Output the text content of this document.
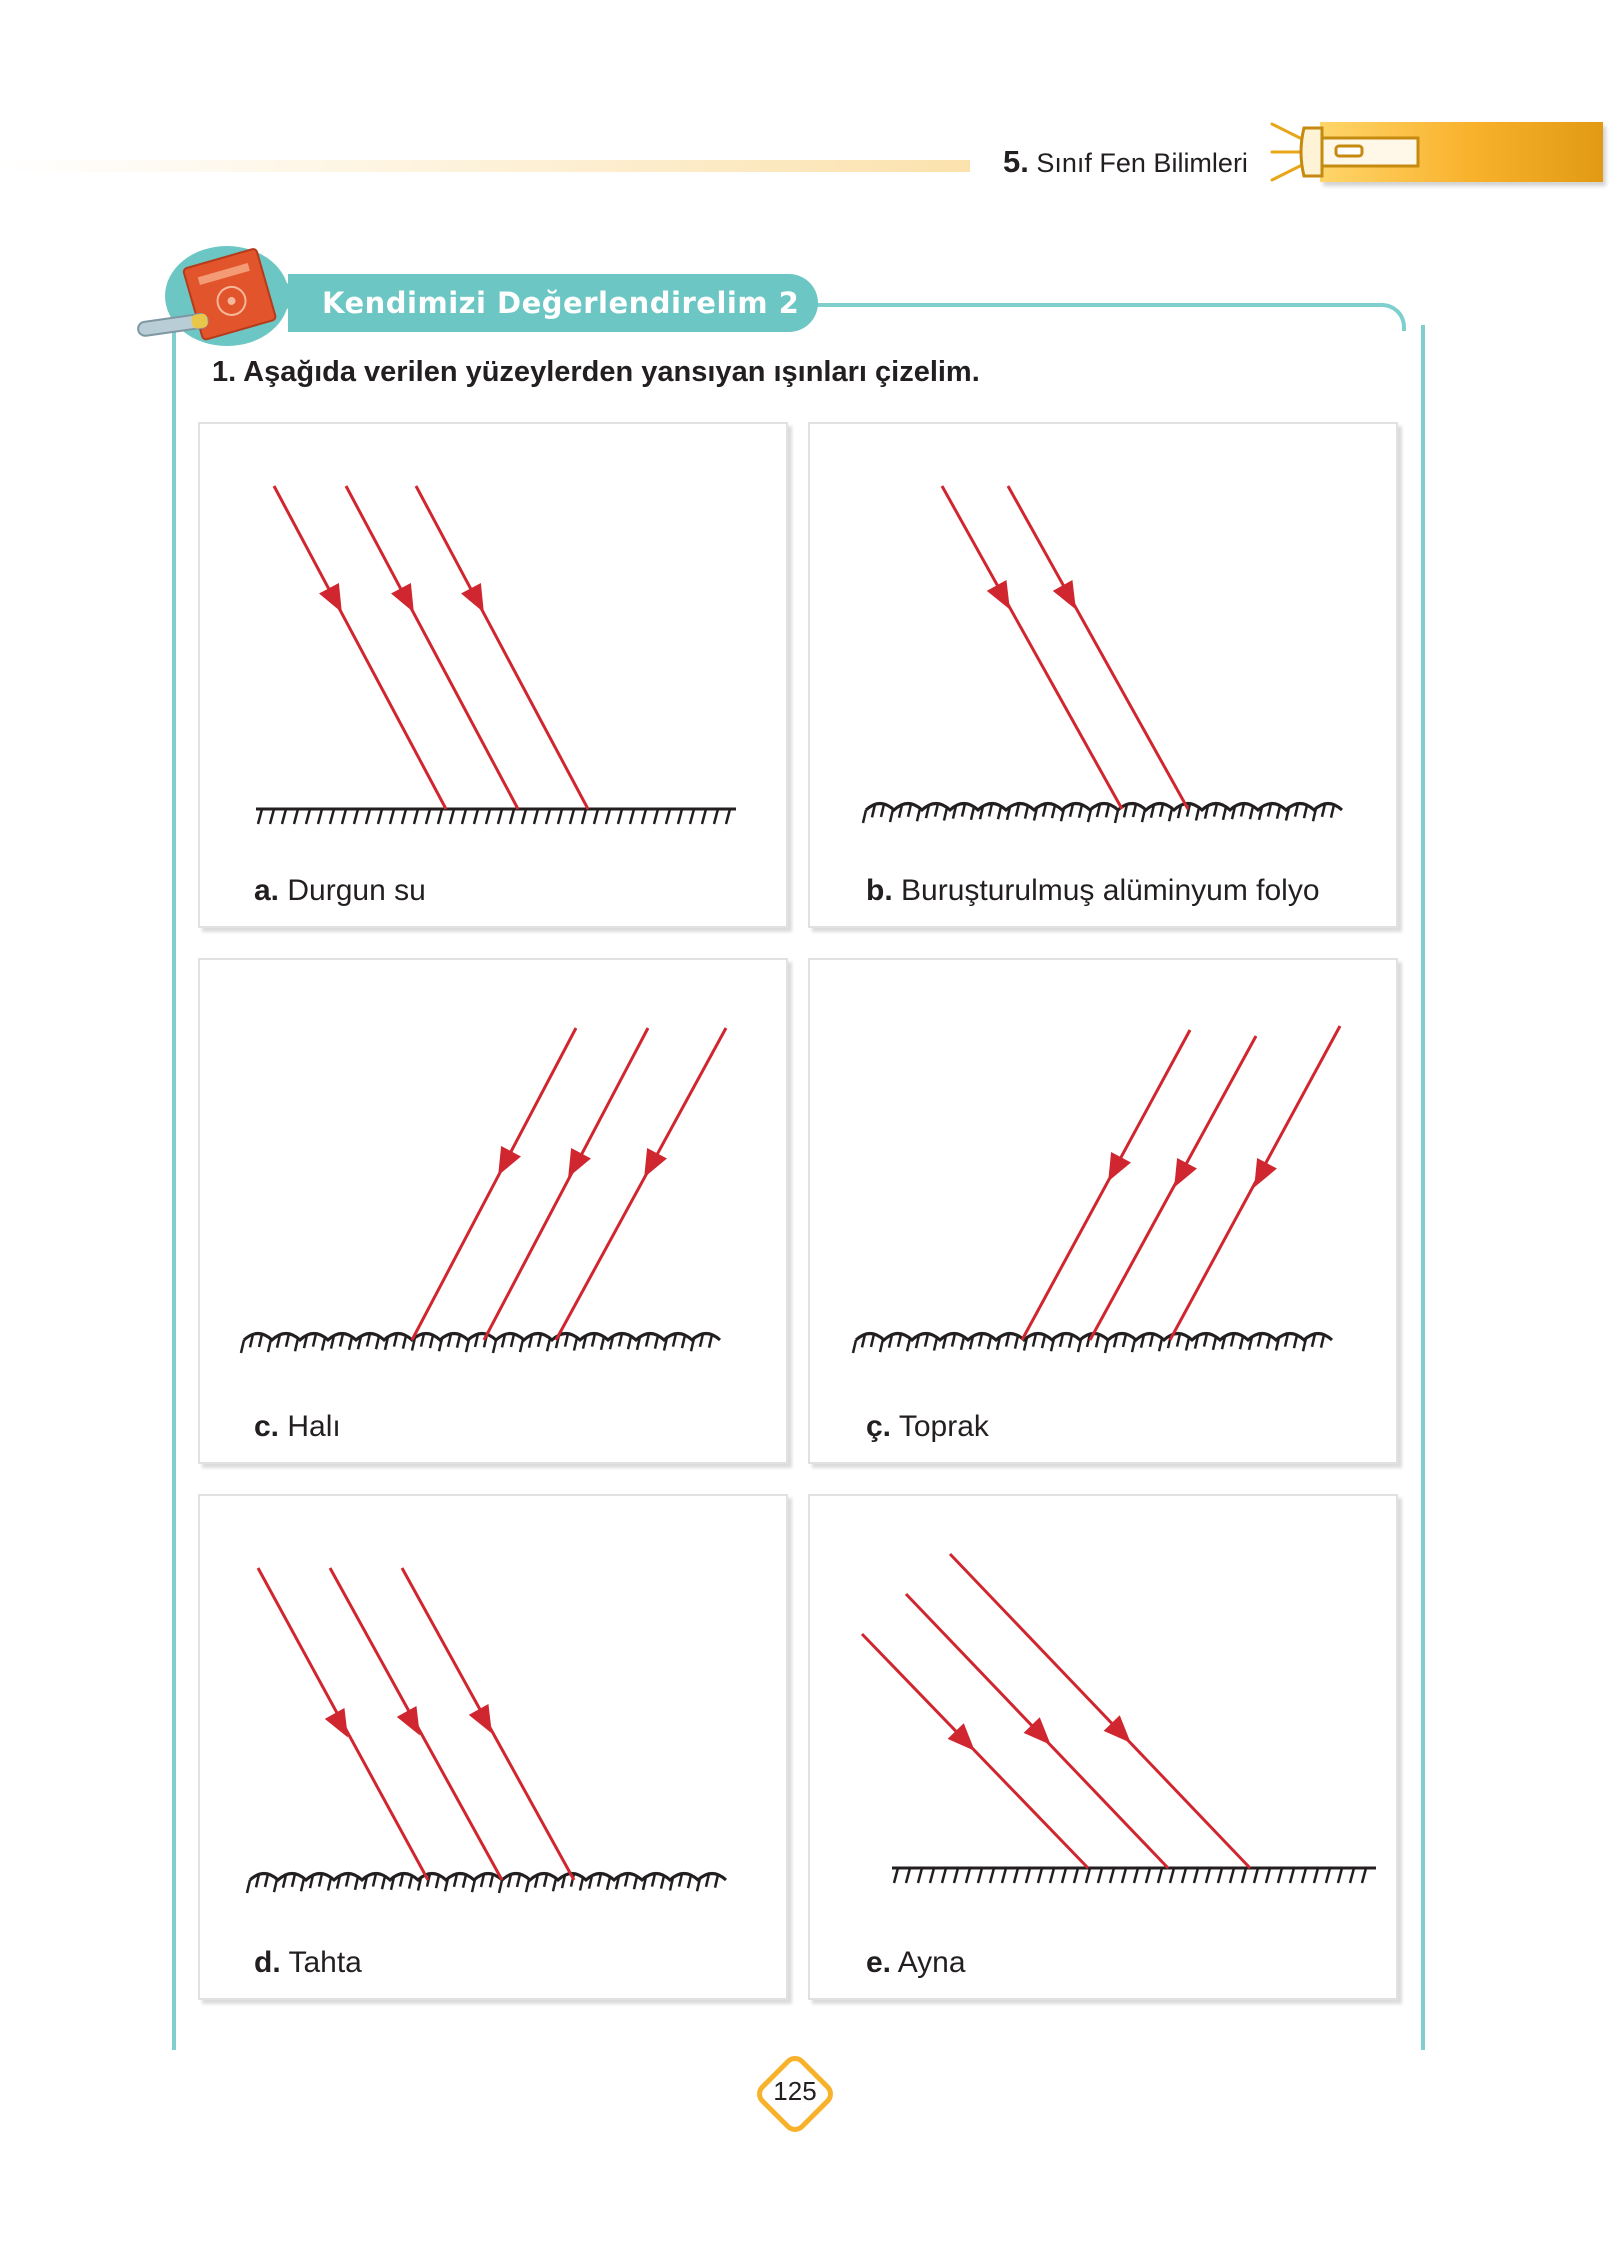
5. Sınıf Fen Bilimleri
Kendimizi Değerlendirelim 2
1. Aşağıda verilen yüzeylerden yansıyan ışınları çizelim.
a. Durgun su	b. Buruşturulmuş alüminyum folyo
c. Halı	ç. Toprak
d. Tahta	e. Ayna
125
